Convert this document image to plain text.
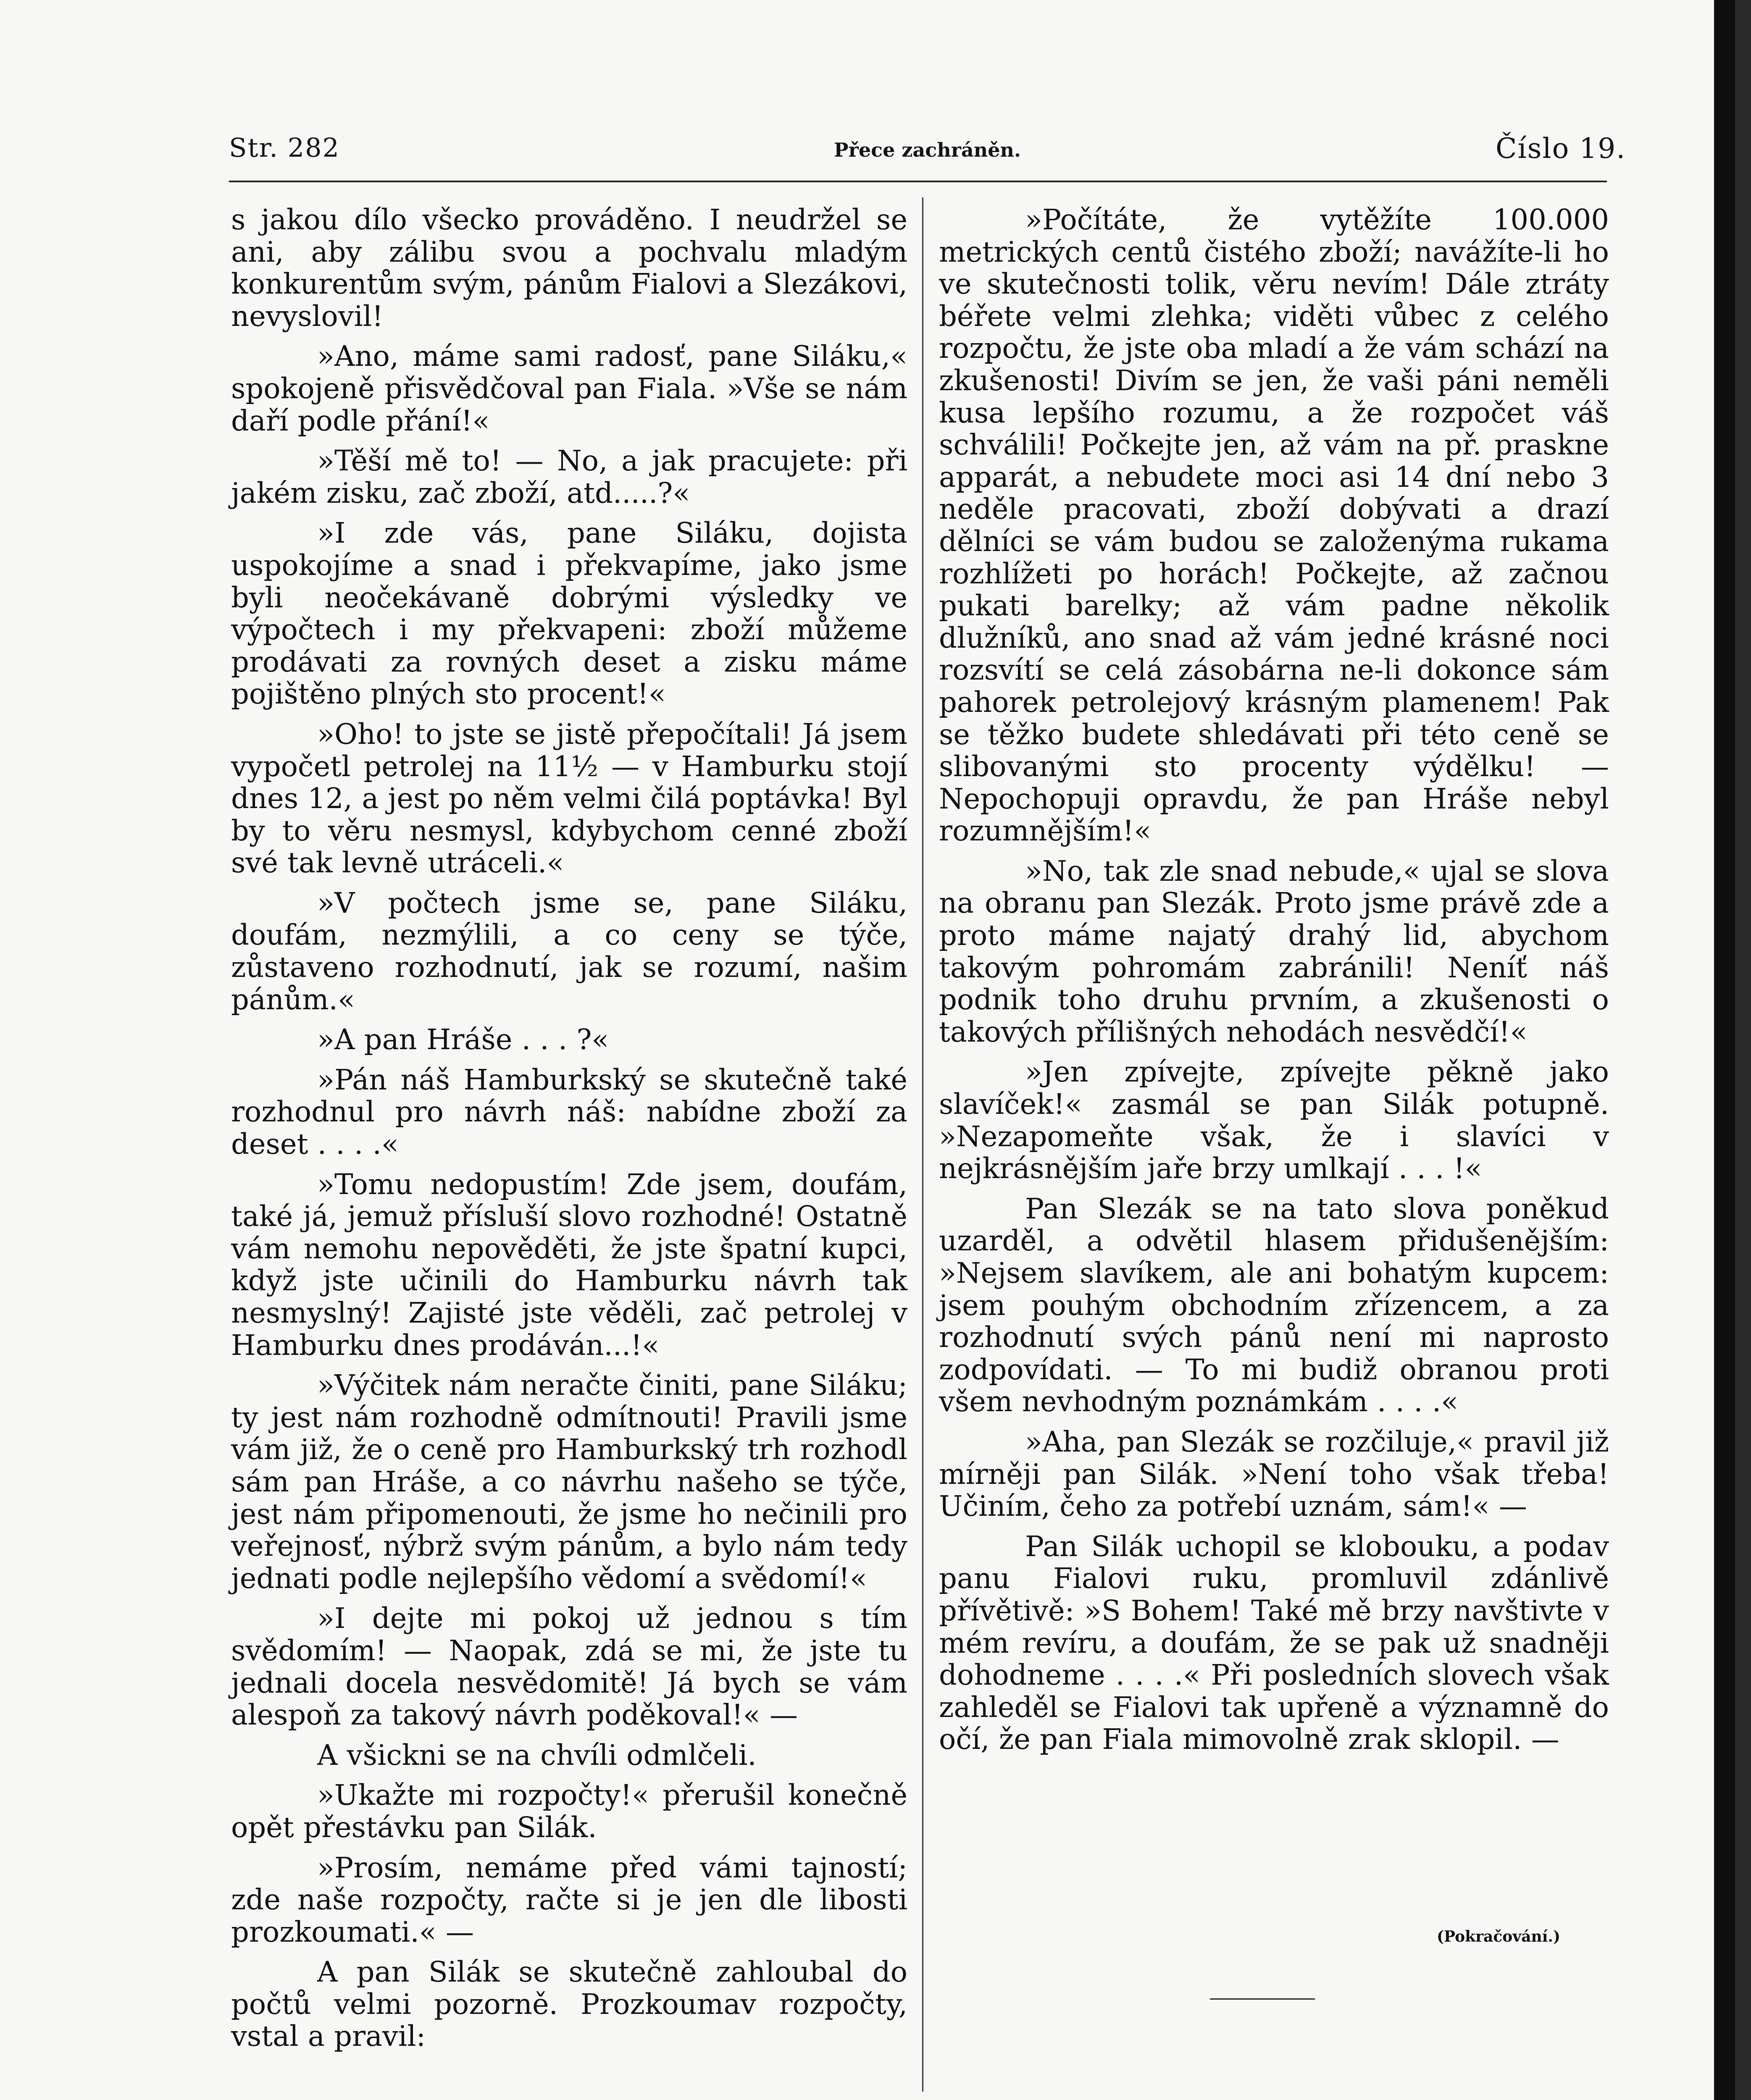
Str. 282	Přece zachráněn.	Číslo 19.

s jakou dílo všecko prováděno. I neudržel se ani, aby zálibu svou a pochvalu mladým konkurentům svým, pánům Fialovi a Slezákovi, nevyslovil!

»Ano, máme sami radosť, pane Siláku,« spokojeně přisvědčoval pan Fiala. »Vše se nám daří podle přání!«

»Těší mě to! — No, a jak pracujete: při jakém zisku, zač zboží, atd.....?«

»I zde vás, pane Siláku, dojista uspokojíme a snad i překvapíme, jako jsme byli neočekávaně dobrými výsledky ve výpočtech i my překvapeni: zboží můžeme prodávati za rovných deset a zisku máme pojištěno plných sto procent!«

»Oho! to jste se jistě přepočítali! Já jsem vypočetl petrolej na 11½ — v Hamburku stojí dnes 12, a jest po něm velmi čilá poptávka! Byl by to věru nesmysl, kdybychom cenné zboží své tak levně utráceli.«

»V počtech jsme se, pane Siláku, doufám, nezmýlili, a co ceny se týče, zůstaveno rozhodnutí, jak se rozumí, našim pánům.«

»A pan Hráše . . . ?«

»Pán náš Hamburkský se skutečně také rozhodnul pro návrh náš: nabídne zboží za deset . . . .«

»Tomu nedopustím! Zde jsem, doufám, také já, jemuž přísluší slovo rozhodné! Ostatně vám nemohu nepověděti, že jste špatní kupci, když jste učinili do Hamburku návrh tak nesmyslný! Zajisté jste věděli, zač petrolej v Hamburku dnes prodáván...!«

»Výčitek nám neračte činiti, pane Siláku; ty jest nám rozhodně odmítnouti! Pravili jsme vám již, že o ceně pro Hamburkský trh rozhodl sám pan Hráše, a co návrhu našeho se týče, jest nám připomenouti, že jsme ho nečinili pro veřejnosť, nýbrž svým pánům, a bylo nám tedy jednati podle nejlepšího vědomí a svědomí!«

»I dejte mi pokoj už jednou s tím svědomím! — Naopak, zdá se mi, že jste tu jednali docela nesvědomitě! Já bych se vám alespoň za takový návrh poděkoval!« —

A všickni se na chvíli odmlčeli.

»Ukažte mi rozpočty!« přerušil konečně opět přestávku pan Silák.

»Prosím, nemáme před vámi tajností; zde naše rozpočty, račte si je jen dle libosti prozkoumati.« —

A pan Silák se skutečně zahloubal do počtů velmi pozorně. Prozkoumav rozpočty, vstal a pravil:

»Počítáte, že vytěžíte 100.000 metrických centů čistého zboží; navážíte-li ho ve skutečnosti tolik, věru nevím! Dále ztráty béřete velmi zlehka; viděti vůbec z celého rozpočtu, že jste oba mladí a že vám schází na zkušenosti! Divím se jen, že vaši páni neměli kusa lepšího rozumu, a že rozpočet váš schválili! Počkejte jen, až vám na př. praskne apparát, a nebudete moci asi 14 dní nebo 3 neděle pracovati, zboží dobývati a drazí dělníci se vám budou se založenýma rukama rozhlížeti po horách! Počkejte, až začnou pukati barelky; až vám padne několik dlužníků, ano snad až vám jedné krásné noci rozsvítí se celá zásobárna ne-li dokonce sám pahorek petrolejový krásným plamenem! Pak se těžko budete shledávati při této ceně se slibovanými sto procenty výdělku! — Nepochopuji opravdu, že pan Hráše nebyl rozumnějším!«

»No, tak zle snad nebude,« ujal se slova na obranu pan Slezák. Proto jsme právě zde a proto máme najatý drahý lid, abychom takovým pohromám zabránili! Neníť náš podnik toho druhu prvním, a zkušenosti o takových přílišných nehodách nesvědčí!«

»Jen zpívejte, zpívejte pěkně jako slavíček!« zasmál se pan Silák potupně. »Nezapomeňte však, že i slavíci v nejkrásnějším jaře brzy umlkají . . . !«

Pan Slezák se na tato slova poněkud uzarděl, a odvětil hlasem přidušenějším: »Nejsem slavíkem, ale ani bohatým kupcem: jsem pouhým obchodním zřízencem, a za rozhodnutí svých pánů není mi naprosto zodpovídati. — To mi budiž obranou proti všem nevhodným poznámkám . . . .«

»Aha, pan Slezák se rozčiluje,« pravil již mírněji pan Silák. »Není toho však třeba! Učiním, čeho za potřebí uznám, sám!« —

Pan Silák uchopil se klobouku, a podav panu Fialovi ruku, promluvil zdánlivě přívětivě: »S Bohem! Také mě brzy navštivte v mém revíru, a doufám, že se pak už snadněji dohodneme . . . .« Při posledních slovech však zahleděl se Fialovi tak upřeně a významně do očí, že pan Fiala mimovolně zrak sklopil. —

(Pokračování.)
